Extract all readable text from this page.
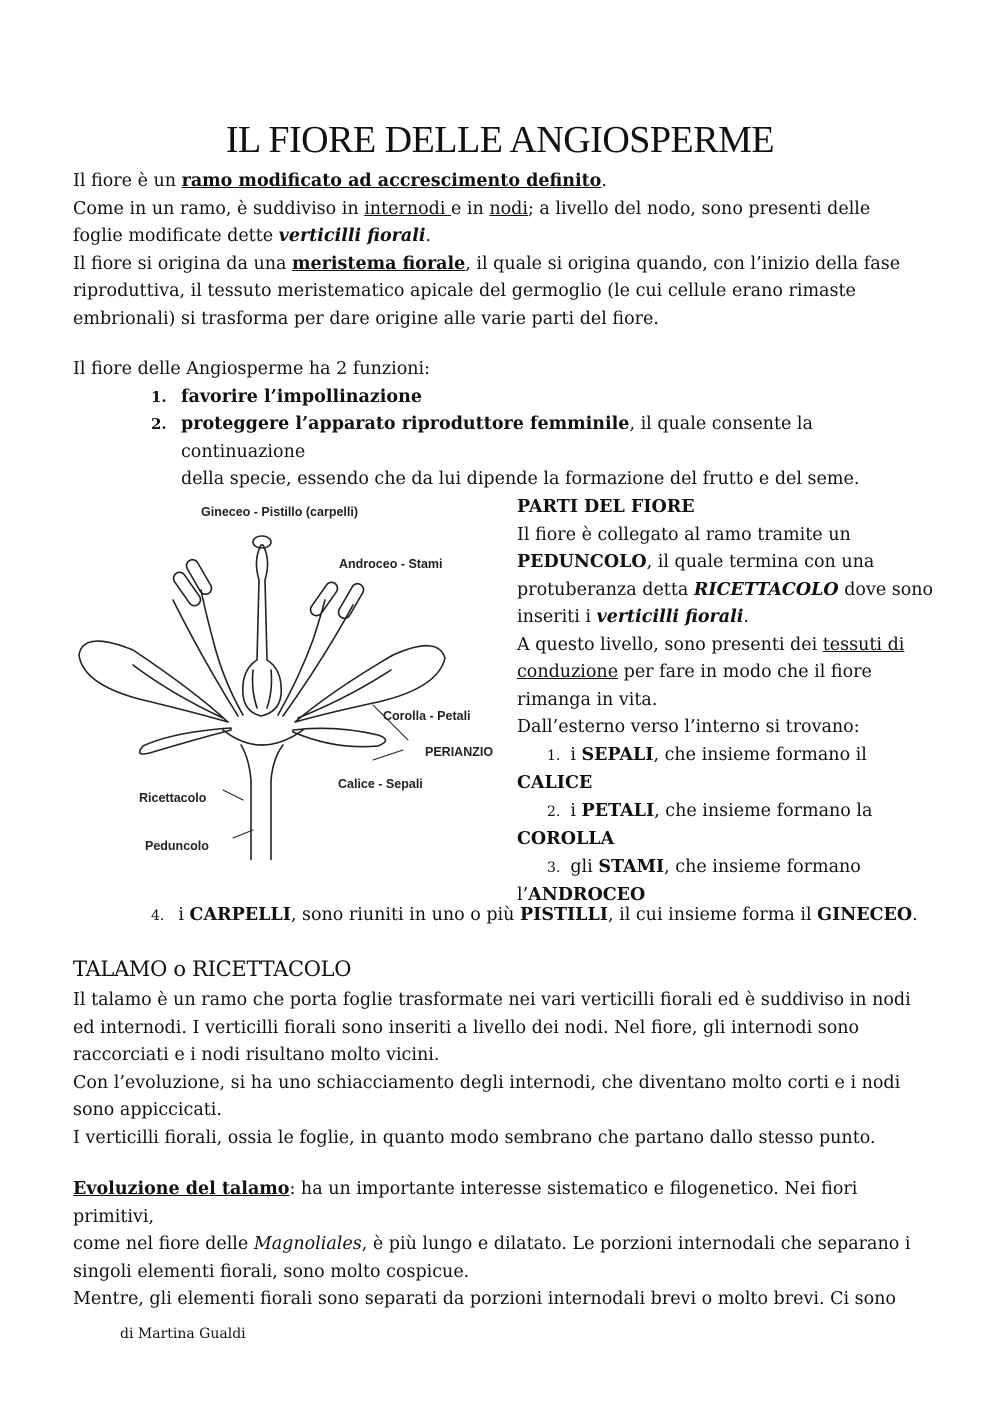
IL FIORE DELLE ANGIOSPERME

Il fiore è un ramo modificato ad accrescimento definito.

Come in un ramo, è suddiviso in internodi e in nodi; a livello del nodo, sono presenti delle

foglie modificate dette verticilli fiorali.

Il fiore si origina da una meristema fiorale, il quale si origina quando, con l’inizio della fase

riproduttiva, il tessuto meristematico apicale del germoglio (le cui cellule erano rimaste

embrionali) si trasforma per dare origine alle varie parti del fiore.

Il fiore delle Angiosperme ha 2 funzioni:

1. favorire l’impollinazione
2. proteggere l’apparato riproduttore femminile, il quale consente la continuazione
della specie, essendo che da lui dipende la formazione del frutto e del seme.
Gineceo - Pistillo (carpelli)
Androceo - Stami
Corolla - Petali
PERIANZIO
Calice - Sepali
Ricettacolo
Peduncolo

PARTI DEL FIORE

Il fiore è collegato al ramo tramite un

PEDUNCOLO, il quale termina con una

protuberanza detta RICETTACOLO dove sono

inseriti i verticilli fiorali.

A questo livello, sono presenti dei tessuti di

conduzione per fare in modo che il fiore

rimanga in vita.

Dall’esterno verso l’interno si trovano:

1. i SEPALI, che insieme formano il

CALICE

2. i PETALI, che insieme formano la

COROLLA

3. gli STAMI, che insieme formano

l’ANDROCEO

4. i CARPELLI, sono riuniti in uno o più PISTILLI, il cui insieme forma il GINECEO.

TALAMO o RICETTACOLO

Il talamo è un ramo che porta foglie trasformate nei vari verticilli fiorali ed è suddiviso in nodi

ed internodi. I verticilli fiorali sono inseriti a livello dei nodi. Nel fiore, gli internodi sono

raccorciati e i nodi risultano molto vicini.

Con l’evoluzione, si ha uno schiacciamento degli internodi, che diventano molto corti e i nodi

sono appiccicati.

I verticilli fiorali, ossia le foglie, in quanto modo sembrano che partano dallo stesso punto.

Evoluzione del talamo: ha un importante interesse sistematico e filogenetico. Nei fiori primitivi,

come nel fiore delle Magnoliales, è più lungo e dilatato. Le porzioni internodali che separano i

singoli elementi fiorali, sono molto cospicue.

Mentre, gli elementi fiorali sono separati da porzioni internodali brevi o molto brevi. Ci sono

di Martina Gualdi
